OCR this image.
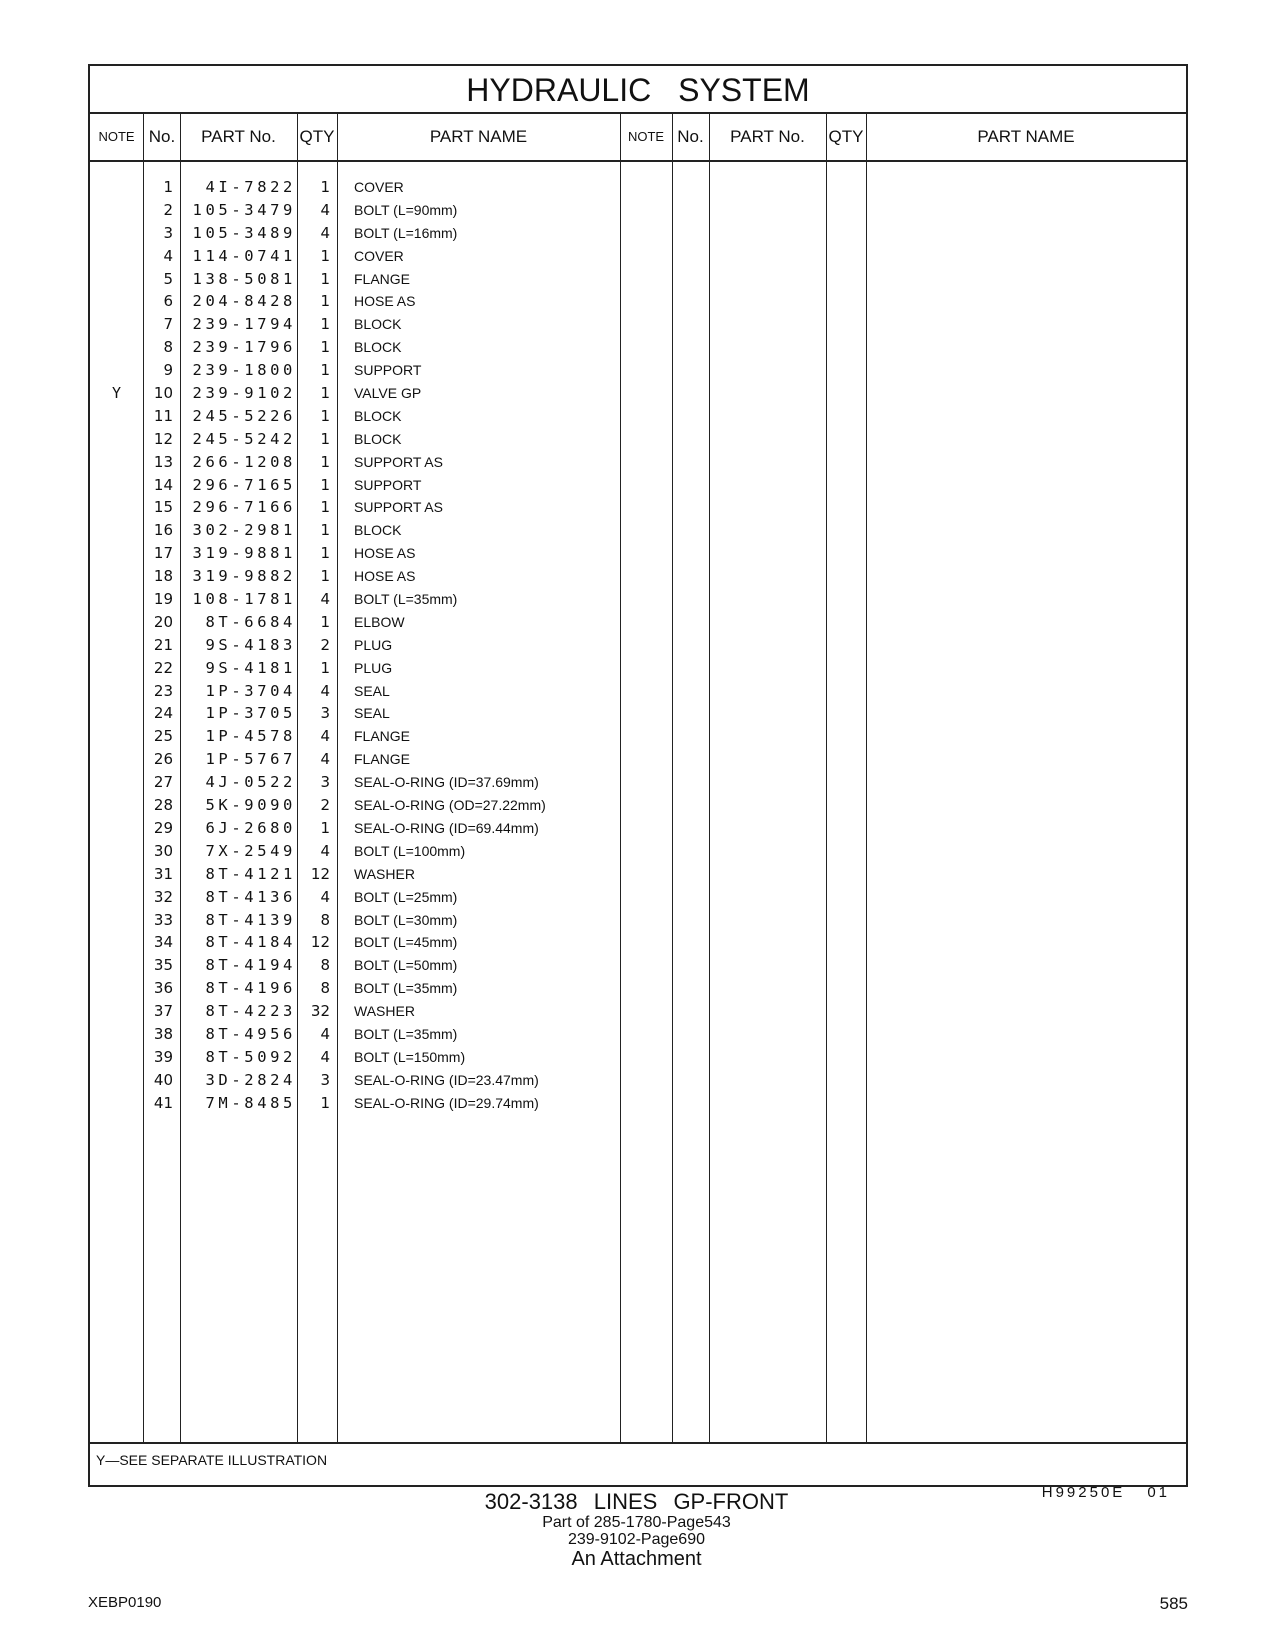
HYDRAULIC SYSTEM
NOTE No.	PART No.	QTY	PART NAME	NOTE No.	PART No.	QTY	PART NAME
1	4I-7822	1 COVER
2	105-3479	4 BOLT (L=90mm)
3	105-3489	4 BOLT (L=16mm)
4	114-0741	1 COVER
5	138-5081	1 FLANGE
6	204-8428	1 HOSE AS
7	239-1794	1 BLOCK
8	239-1796	1 BLOCK
9	239-1800	1 SUPPORT
Y	10	239-9102	1 VALVE GP
11	245-5226	1 BLOCK
12	245-5242	1 BLOCK
13	266-1208	1 SUPPORT AS
14	296-7165	1 SUPPORT
15	296-7166	1 SUPPORT AS
16	302-2981	1 BLOCK
17	319-9881	1 HOSE AS
18	319-9882	1 HOSE AS
19	108-1781	4 BOLT (L=35mm)
20	8T-6684	1 ELBOW
21	9S-4183	2 PLUG
22	9S-4181	1 PLUG
23	1P-3704	4 SEAL
24	1P-3705	3 SEAL
25	1P-4578	4 FLANGE
26	1P-5767	4 FLANGE
27	4J-0522	3 SEAL-O-RING (ID=37.69mm)
28	5K-9090	2 SEAL-O-RING (OD=27.22mm)
29	6J-2680	1 SEAL-O-RING (ID=69.44mm)
30	7X-2549	4 BOLT (L=100mm)
31	8T-4121 12 WASHER
32	8T-4136	4 BOLT (L=25mm)
33	8T-4139	8 BOLT (L=30mm)
34	8T-4184 12 BOLT (L=45mm)
35	8T-4194	8 BOLT (L=50mm)
36	8T-4196	8 BOLT (L=35mm)
37	8T-4223 32 WASHER
38	8T-4956	4 BOLT (L=35mm)
39	8T-5092	4 BOLT (L=150mm)
40	3D-2824	3 SEAL-O-RING (ID=23.47mm)
41	7M-8485	1 SEAL-O-RING (ID=29.74mm)
Y—SEE SEPARATE ILLUSTRATION
H99250E 01
302-3138 LINES GP-FRONT
Part of 285-1780-Page543
239-9102-Page690
An Attachment
XEBP0190	585
